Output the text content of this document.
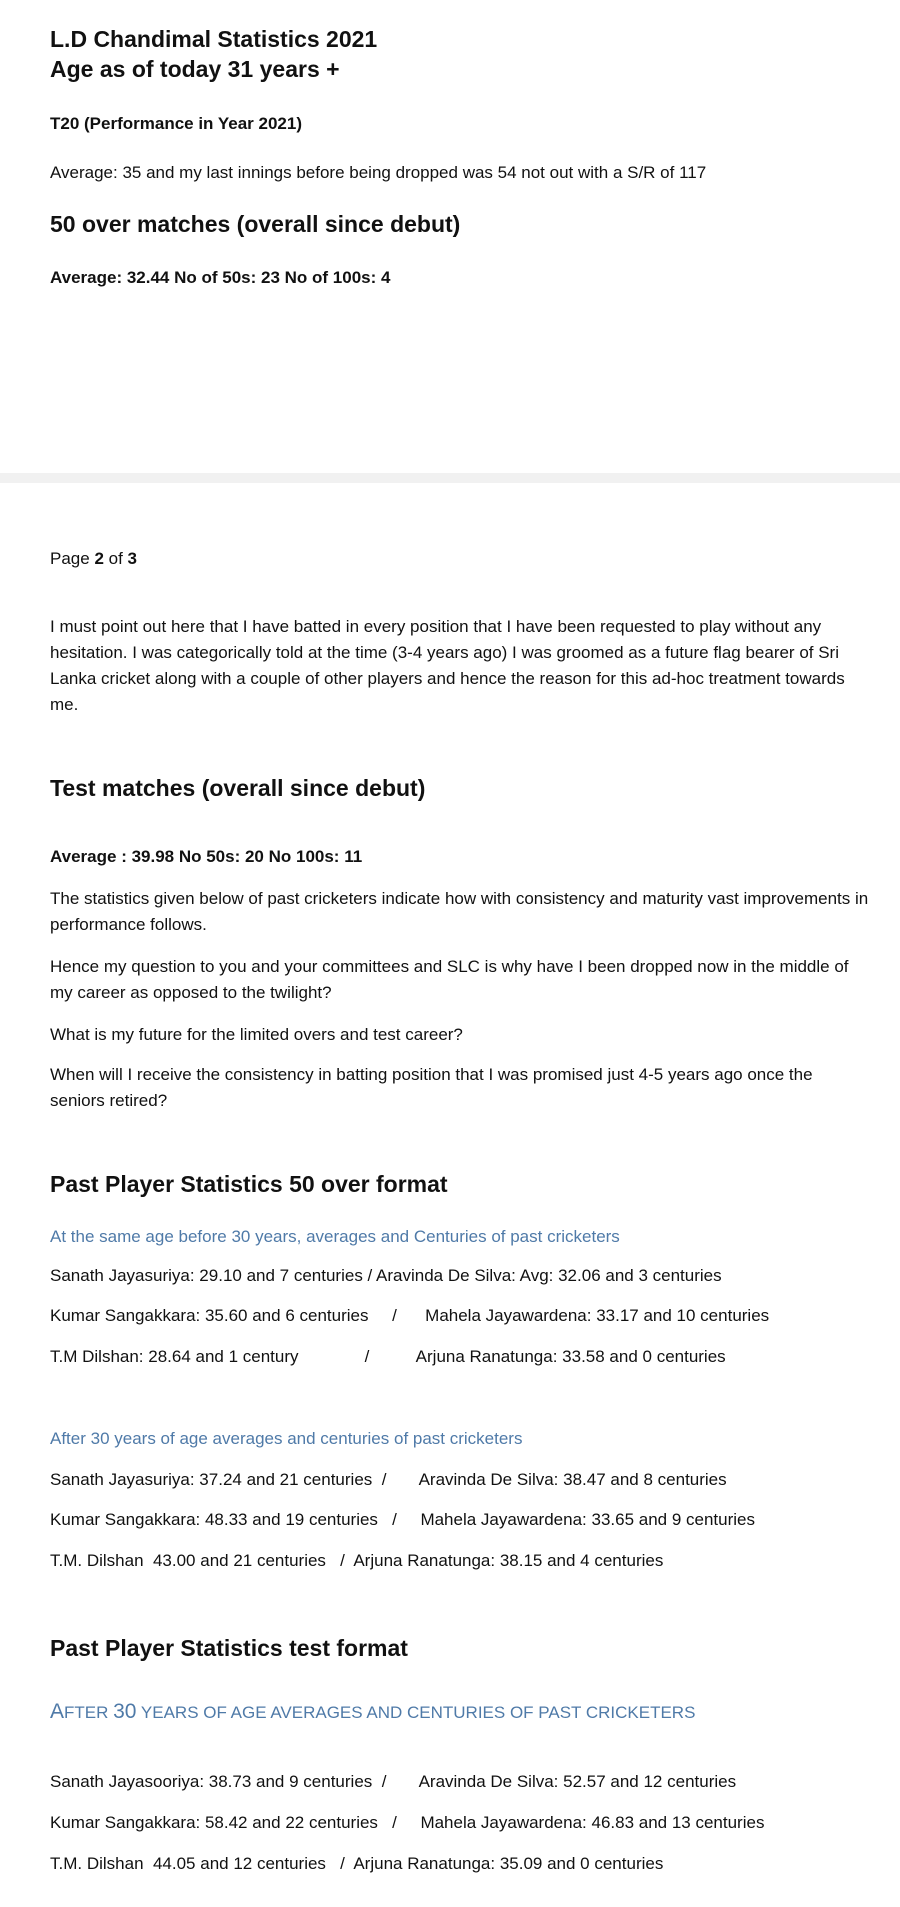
L.D Chandimal Statistics 2021

Age as of today 31 years +

T20 (Performance in Year 2021)

Average: 35 and my last innings before being dropped was 54 not out with a S/R of 117

50 over matches (overall since debut)

Average: 32.44 No of 50s: 23 No of 100s: 4

Page 2 of 3

I must point out here that I have batted in every position that I have been requested to play without any hesitation. I was categorically told at the time (3-4 years ago) I was groomed as a future flag bearer of Sri Lanka cricket along with a couple of other players and hence the reason for this ad-hoc treatment towards me.

Test matches (overall since debut)

Average : 39.98 No 50s: 20 No 100s: 11

The statistics given below of past cricketers indicate how with consistency and maturity vast improvements in performance follows.

Hence my question to you and your committees and SLC is why have I been dropped now in the middle of my career as opposed to the twilight?

What is my future for the limited overs and test career?

When will I receive the consistency in batting position that I was promised just 4-5 years ago once the seniors retired?

Past Player Statistics 50 over format

At the same age before 30 years, averages and Centuries of past cricketers

Sanath Jayasuriya: 29.10 and 7 centuries / Aravinda De Silva: Avg: 32.06 and 3 centuries
Kumar Sangakkara: 35.60 and 6 centuries     /      Mahela Jayawardena: 33.17 and 10 centuries
T.M Dilshan: 28.64 and 1 century              /          Arjuna Ranatunga: 33.58 and 0 centuries

After 30 years of age averages and centuries of past cricketers

Sanath Jayasuriya: 37.24 and 21 centuries  /       Aravinda De Silva: 38.47 and 8 centuries
Kumar Sangakkara: 48.33 and 19 centuries   /     Mahela Jayawardena: 33.65 and 9 centuries
T.M. Dilshan  43.00 and 21 centuries   /  Arjuna Ranatunga: 38.15 and 4 centuries

Past Player Statistics test format

AFTER 30 YEARS OF AGE AVERAGES AND CENTURIES OF PAST CRICKETERS

Sanath Jayasooriya: 38.73 and 9 centuries  /       Aravinda De Silva: 52.57 and 12 centuries
Kumar Sangakkara: 58.42 and 22 centuries   /     Mahela Jayawardena: 46.83 and 13 centuries
T.M. Dilshan  44.05 and 12 centuries   /  Arjuna Ranatunga: 35.09 and 0 centuries
